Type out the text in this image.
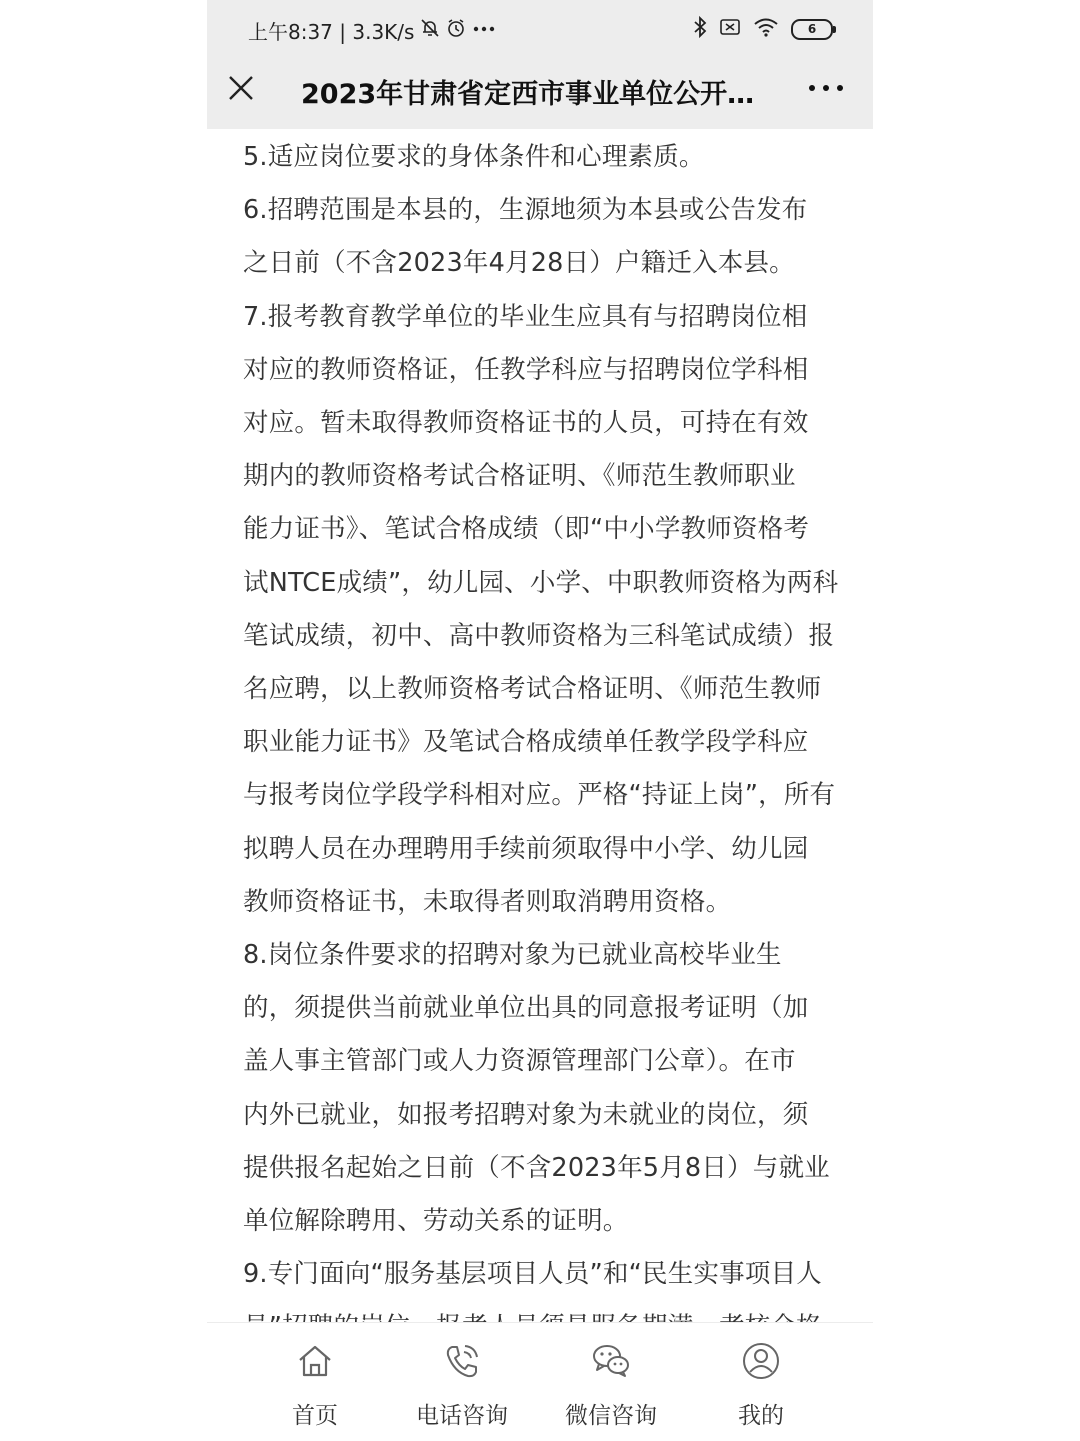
上午8:37 | 3.3K/s	6
2023年甘肃省定西市事业单位公开…

5.适应岗位要求的身体条件和心理素质。

6.招聘范围是本县的，生源地须为本县或公告发布

之日前（不含2023年4月28日）户籍迁入本县。

7.报考教育教学单位的毕业生应具有与招聘岗位相

对应的教师资格证，任教学科应与招聘岗位学科相

对应。暂未取得教师资格证书的人员，可持在有效

期内的教师资格考试合格证明、《师范生教师职业

能力证书》、笔试合格成绩（即“中小学教师资格考

试NTCE成绩”，幼儿园、小学、中职教师资格为两科

笔试成绩，初中、高中教师资格为三科笔试成绩）报

名应聘，以上教师资格考试合格证明、《师范生教师

职业能力证书》及笔试合格成绩单任教学段学科应

与报考岗位学段学科相对应。严格“持证上岗”，所有

拟聘人员在办理聘用手续前须取得中小学、幼儿园

教师资格证书，未取得者则取消聘用资格。

8.岗位条件要求的招聘对象为已就业高校毕业生

的，须提供当前就业单位出具的同意报考证明（加

盖人事主管部门或人力资源管理部门公章）。在市

内外已就业，如报考招聘对象为未就业的岗位，须

提供报名起始之日前（不含2023年5月8日）与就业

单位解除聘用、劳动关系的证明。

9.专门面向“服务基层项目人员”和“民生实事项目人

首页	电话咨询	微信咨询	我的
